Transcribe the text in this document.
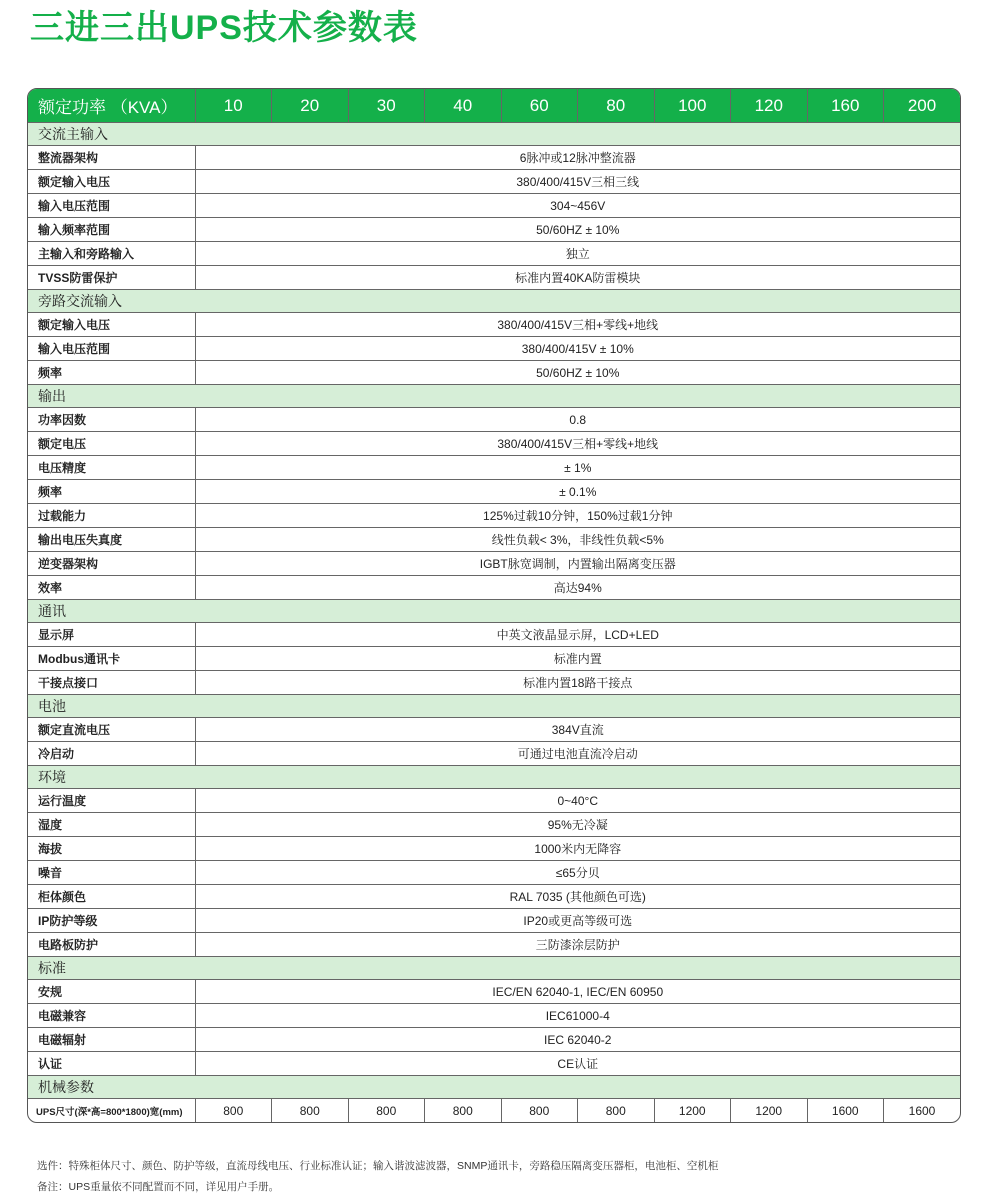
三进三出UPS技术参数表
额定功率 （KVA）	10	20	30	40	60	80	100	120	160	200
交流主输入										
整流器架构	6脉冲或12脉冲整流器									
额定输入电压	380/400/415V三相三线									
输入电压范围	304~456V									
输入频率范围	50/60HZ ± 10%									
主输入和旁路输入	独立									
TVSS防雷保护	标准内置40KA防雷模块									
旁路交流输入										
额定输入电压	380/400/415V三相+零线+地线									
输入电压范围	380/400/415V ± 10%									
频率	50/60HZ ± 10%									
输出										
功率因数	0.8									
额定电压	380/400/415V三相+零线+地线									
电压精度	± 1%									
频率	± 0.1%									
过载能力	125%过载10分钟，150%过载1分钟									
输出电压失真度	线性负载< 3%，非线性负载<5%									
逆变器架构	IGBT脉宽调制，内置输出隔离变压器									
效率	高达94%									
通讯										
显示屏	中英文液晶显示屏，LCD+LED									
Modbus通讯卡	标准内置									
干接点接口	标准内置18路干接点									
电池										
额定直流电压	384V直流									
冷启动	可通过电池直流冷启动									
环境										
运行温度	0~40°C									
湿度	95%无冷凝									
海拔	1000米内无降容									
噪音	≤65分贝									
柜体颜色	RAL 7035 (其他颜色可选)									
IP防护等级	IP20或更高等级可选									
电路板防护	三防漆涂层防护									
标准										
安规	IEC/EN 62040-1, IEC/EN 60950									
电磁兼容	IEC61000-4									
电磁辐射	IEC 62040-2									
认证	CE认证									
机械参数										
UPS尺寸(深*高=800*1800)宽(mm)	800	800	800	800	800	800	1200	1200	1600	1600
选件：特殊柜体尺寸、颜色、防护等级，直流母线电压、行业标准认证；输入谐波滤波器，SNMP通讯卡，旁路稳压隔离变压器柜，电池柜、空机柜
备注：UPS重量依不同配置而不同，详见用户手册。
